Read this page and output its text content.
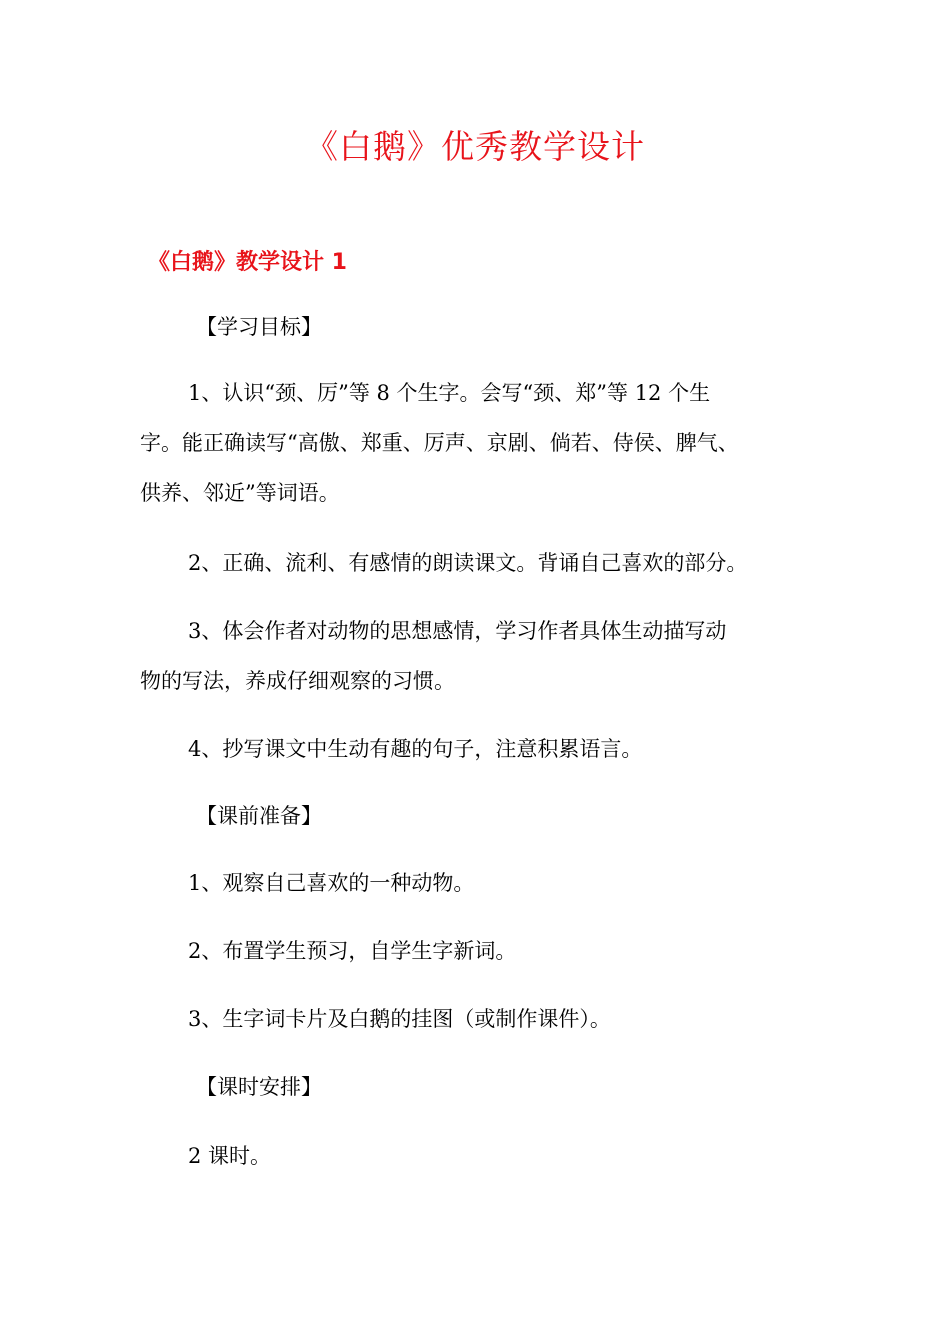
《白鹅》优秀教学设计
《白鹅》教学设计 1
【学习目标】
1、认识“颈、厉”等 8 个生字。会写“颈、郑”等 12 个生
字。能正确读写“高傲、郑重、厉声、京剧、倘若、侍侯、脾气、
供养、邻近”等词语。
2、正确、流利、有感情的朗读课文。背诵自己喜欢的部分。
3、体会作者对动物的思想感情，学习作者具体生动描写动
物的写法，养成仔细观察的习惯。
4、抄写课文中生动有趣的句子，注意积累语言。
【课前准备】
1、观察自己喜欢的一种动物。
2、布置学生预习，自学生字新词。
3、生字词卡片及白鹅的挂图（或制作课件）。
【课时安排】
2 课时。
